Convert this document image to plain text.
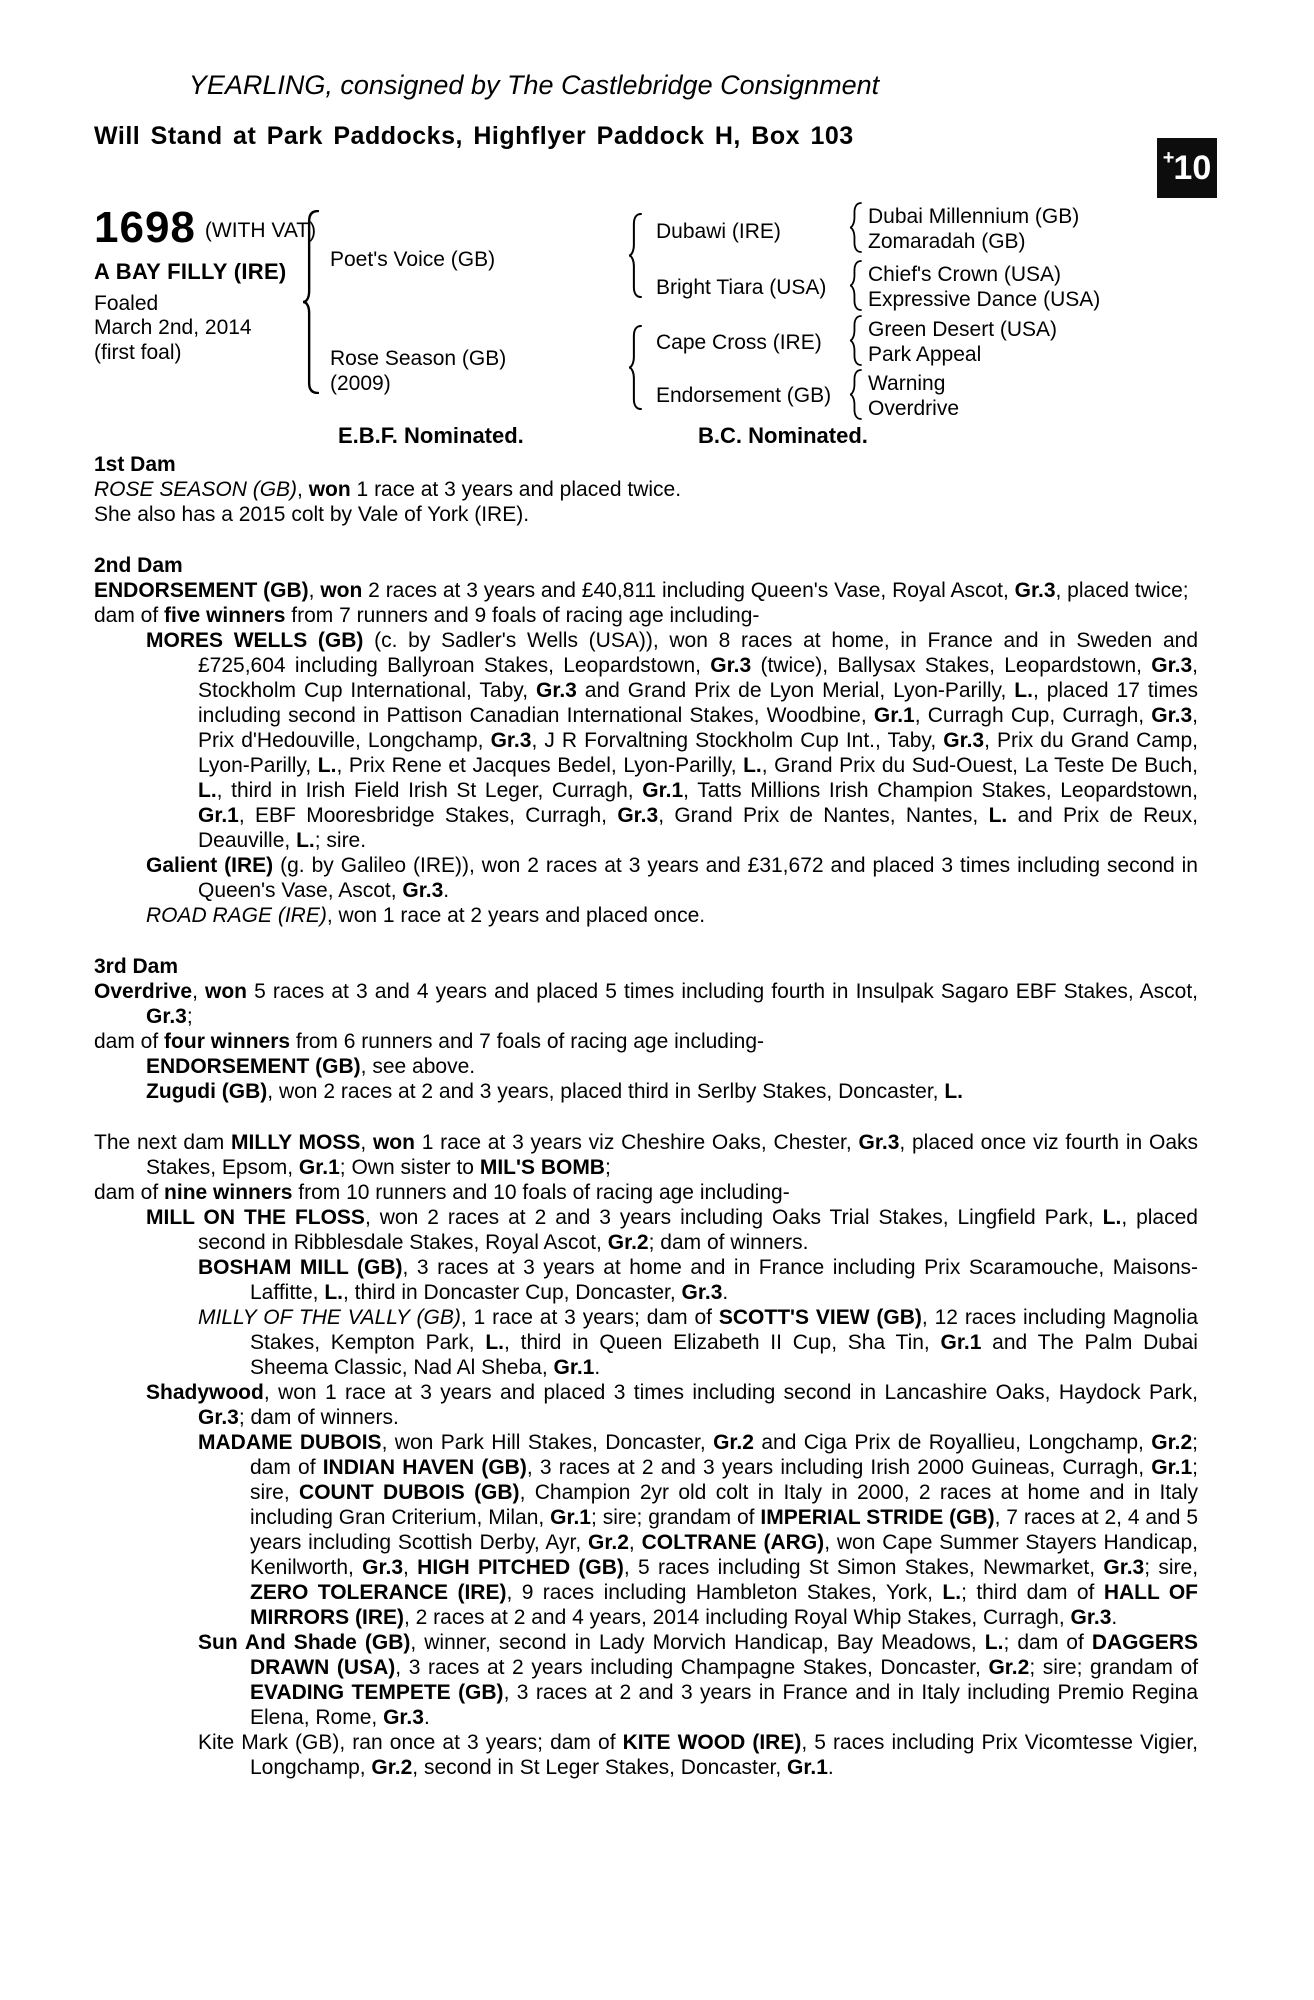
YEARLING, consigned by The Castlebridge Consignment
Will Stand at Park Paddocks, Highflyer Paddock H, Box 103
+ 10
1698 (WITH VAT)
A BAY FILLY (IRE)
Foaled
March 2nd, 2014
(first foal)
Poet's Voice (GB)
Rose Season (GB)
(2009)
Dubawi (IRE)
Bright Tiara (USA)
Cape Cross (IRE)
Endorsement (GB)
Dubai Millennium (GB)
Zomaradah (GB)
Chief's Crown (USA)
Expressive Dance (USA)
Green Desert (USA)
Park Appeal
Warning
Overdrive
E.B.F. Nominated.	B.C. Nominated.
1st Dam
ROSE SEASON (GB), won 1 race at 3 years and placed twice.
She also has a 2015 colt by Vale of York (IRE).
2nd Dam
ENDORSEMENT (GB), won 2 races at 3 years and £40,811 including Queen's Vase, Royal Ascot, Gr.3, placed twice;
dam of five winners from 7 runners and 9 foals of racing age including-
MORES WELLS (GB) (c. by Sadler's Wells (USA)), won 8 races at home, in France and in Sweden and £725,604 including Ballyroan Stakes, Leopardstown, Gr.3 (twice), Ballysax Stakes, Leopardstown, Gr.3, Stockholm Cup International, Taby, Gr.3 and Grand Prix de Lyon Merial, Lyon-Parilly, L., placed 17 times including second in Pattison Canadian International Stakes, Woodbine, Gr.1, Curragh Cup, Curragh, Gr.3, Prix d'Hedouville, Longchamp, Gr.3, J R Forvaltning Stockholm Cup Int., Taby, Gr.3, Prix du Grand Camp, Lyon-Parilly, L., Prix Rene et Jacques Bedel, Lyon-Parilly, L., Grand Prix du Sud-Ouest, La Teste De Buch, L., third in Irish Field Irish St Leger, Curragh, Gr.1, Tatts Millions Irish Champion Stakes, Leopardstown, Gr.1, EBF Mooresbridge Stakes, Curragh, Gr.3, Grand Prix de Nantes, Nantes, L. and Prix de Reux, Deauville, L.; sire.
Galient (IRE) (g. by Galileo (IRE)), won 2 races at 3 years and £31,672 and placed 3 times including second in Queen's Vase, Ascot, Gr.3.
ROAD RAGE (IRE), won 1 race at 2 years and placed once.
3rd Dam
Overdrive, won 5 races at 3 and 4 years and placed 5 times including fourth in Insulpak Sagaro EBF Stakes, Ascot, Gr.3;
dam of four winners from 6 runners and 7 foals of racing age including-
ENDORSEMENT (GB), see above.
Zugudi (GB), won 2 races at 2 and 3 years, placed third in Serlby Stakes, Doncaster, L.
The next dam MILLY MOSS, won 1 race at 3 years viz Cheshire Oaks, Chester, Gr.3, placed once viz fourth in Oaks Stakes, Epsom, Gr.1; Own sister to MIL'S BOMB;
dam of nine winners from 10 runners and 10 foals of racing age including-
MILL ON THE FLOSS, won 2 races at 2 and 3 years including Oaks Trial Stakes, Lingfield Park, L., placed second in Ribblesdale Stakes, Royal Ascot, Gr.2; dam of winners.
BOSHAM MILL (GB), 3 races at 3 years at home and in France including Prix Scaramouche, Maisons-Laffitte, L., third in Doncaster Cup, Doncaster, Gr.3.
MILLY OF THE VALLY (GB), 1 race at 3 years; dam of SCOTT'S VIEW (GB), 12 races including Magnolia Stakes, Kempton Park, L., third in Queen Elizabeth II Cup, Sha Tin, Gr.1 and The Palm Dubai Sheema Classic, Nad Al Sheba, Gr.1.
Shadywood, won 1 race at 3 years and placed 3 times including second in Lancashire Oaks, Haydock Park, Gr.3; dam of winners.
MADAME DUBOIS, won Park Hill Stakes, Doncaster, Gr.2 and Ciga Prix de Royallieu, Longchamp, Gr.2; dam of INDIAN HAVEN (GB), 3 races at 2 and 3 years including Irish 2000 Guineas, Curragh, Gr.1; sire, COUNT DUBOIS (GB), Champion 2yr old colt in Italy in 2000, 2 races at home and in Italy including Gran Criterium, Milan, Gr.1; sire; grandam of IMPERIAL STRIDE (GB), 7 races at 2, 4 and 5 years including Scottish Derby, Ayr, Gr.2, COLTRANE (ARG), won Cape Summer Stayers Handicap, Kenilworth, Gr.3, HIGH PITCHED (GB), 5 races including St Simon Stakes, Newmarket, Gr.3; sire, ZERO TOLERANCE (IRE), 9 races including Hambleton Stakes, York, L.; third dam of HALL OF MIRRORS (IRE), 2 races at 2 and 4 years, 2014 including Royal Whip Stakes, Curragh, Gr.3.
Sun And Shade (GB), winner, second in Lady Morvich Handicap, Bay Meadows, L.; dam of DAGGERS DRAWN (USA), 3 races at 2 years including Champagne Stakes, Doncaster, Gr.2; sire; grandam of EVADING TEMPETE (GB), 3 races at 2 and 3 years in France and in Italy including Premio Regina Elena, Rome, Gr.3.
Kite Mark (GB), ran once at 3 years; dam of KITE WOOD (IRE), 5 races including Prix Vicomtesse Vigier, Longchamp, Gr.2, second in St Leger Stakes, Doncaster, Gr.1.
